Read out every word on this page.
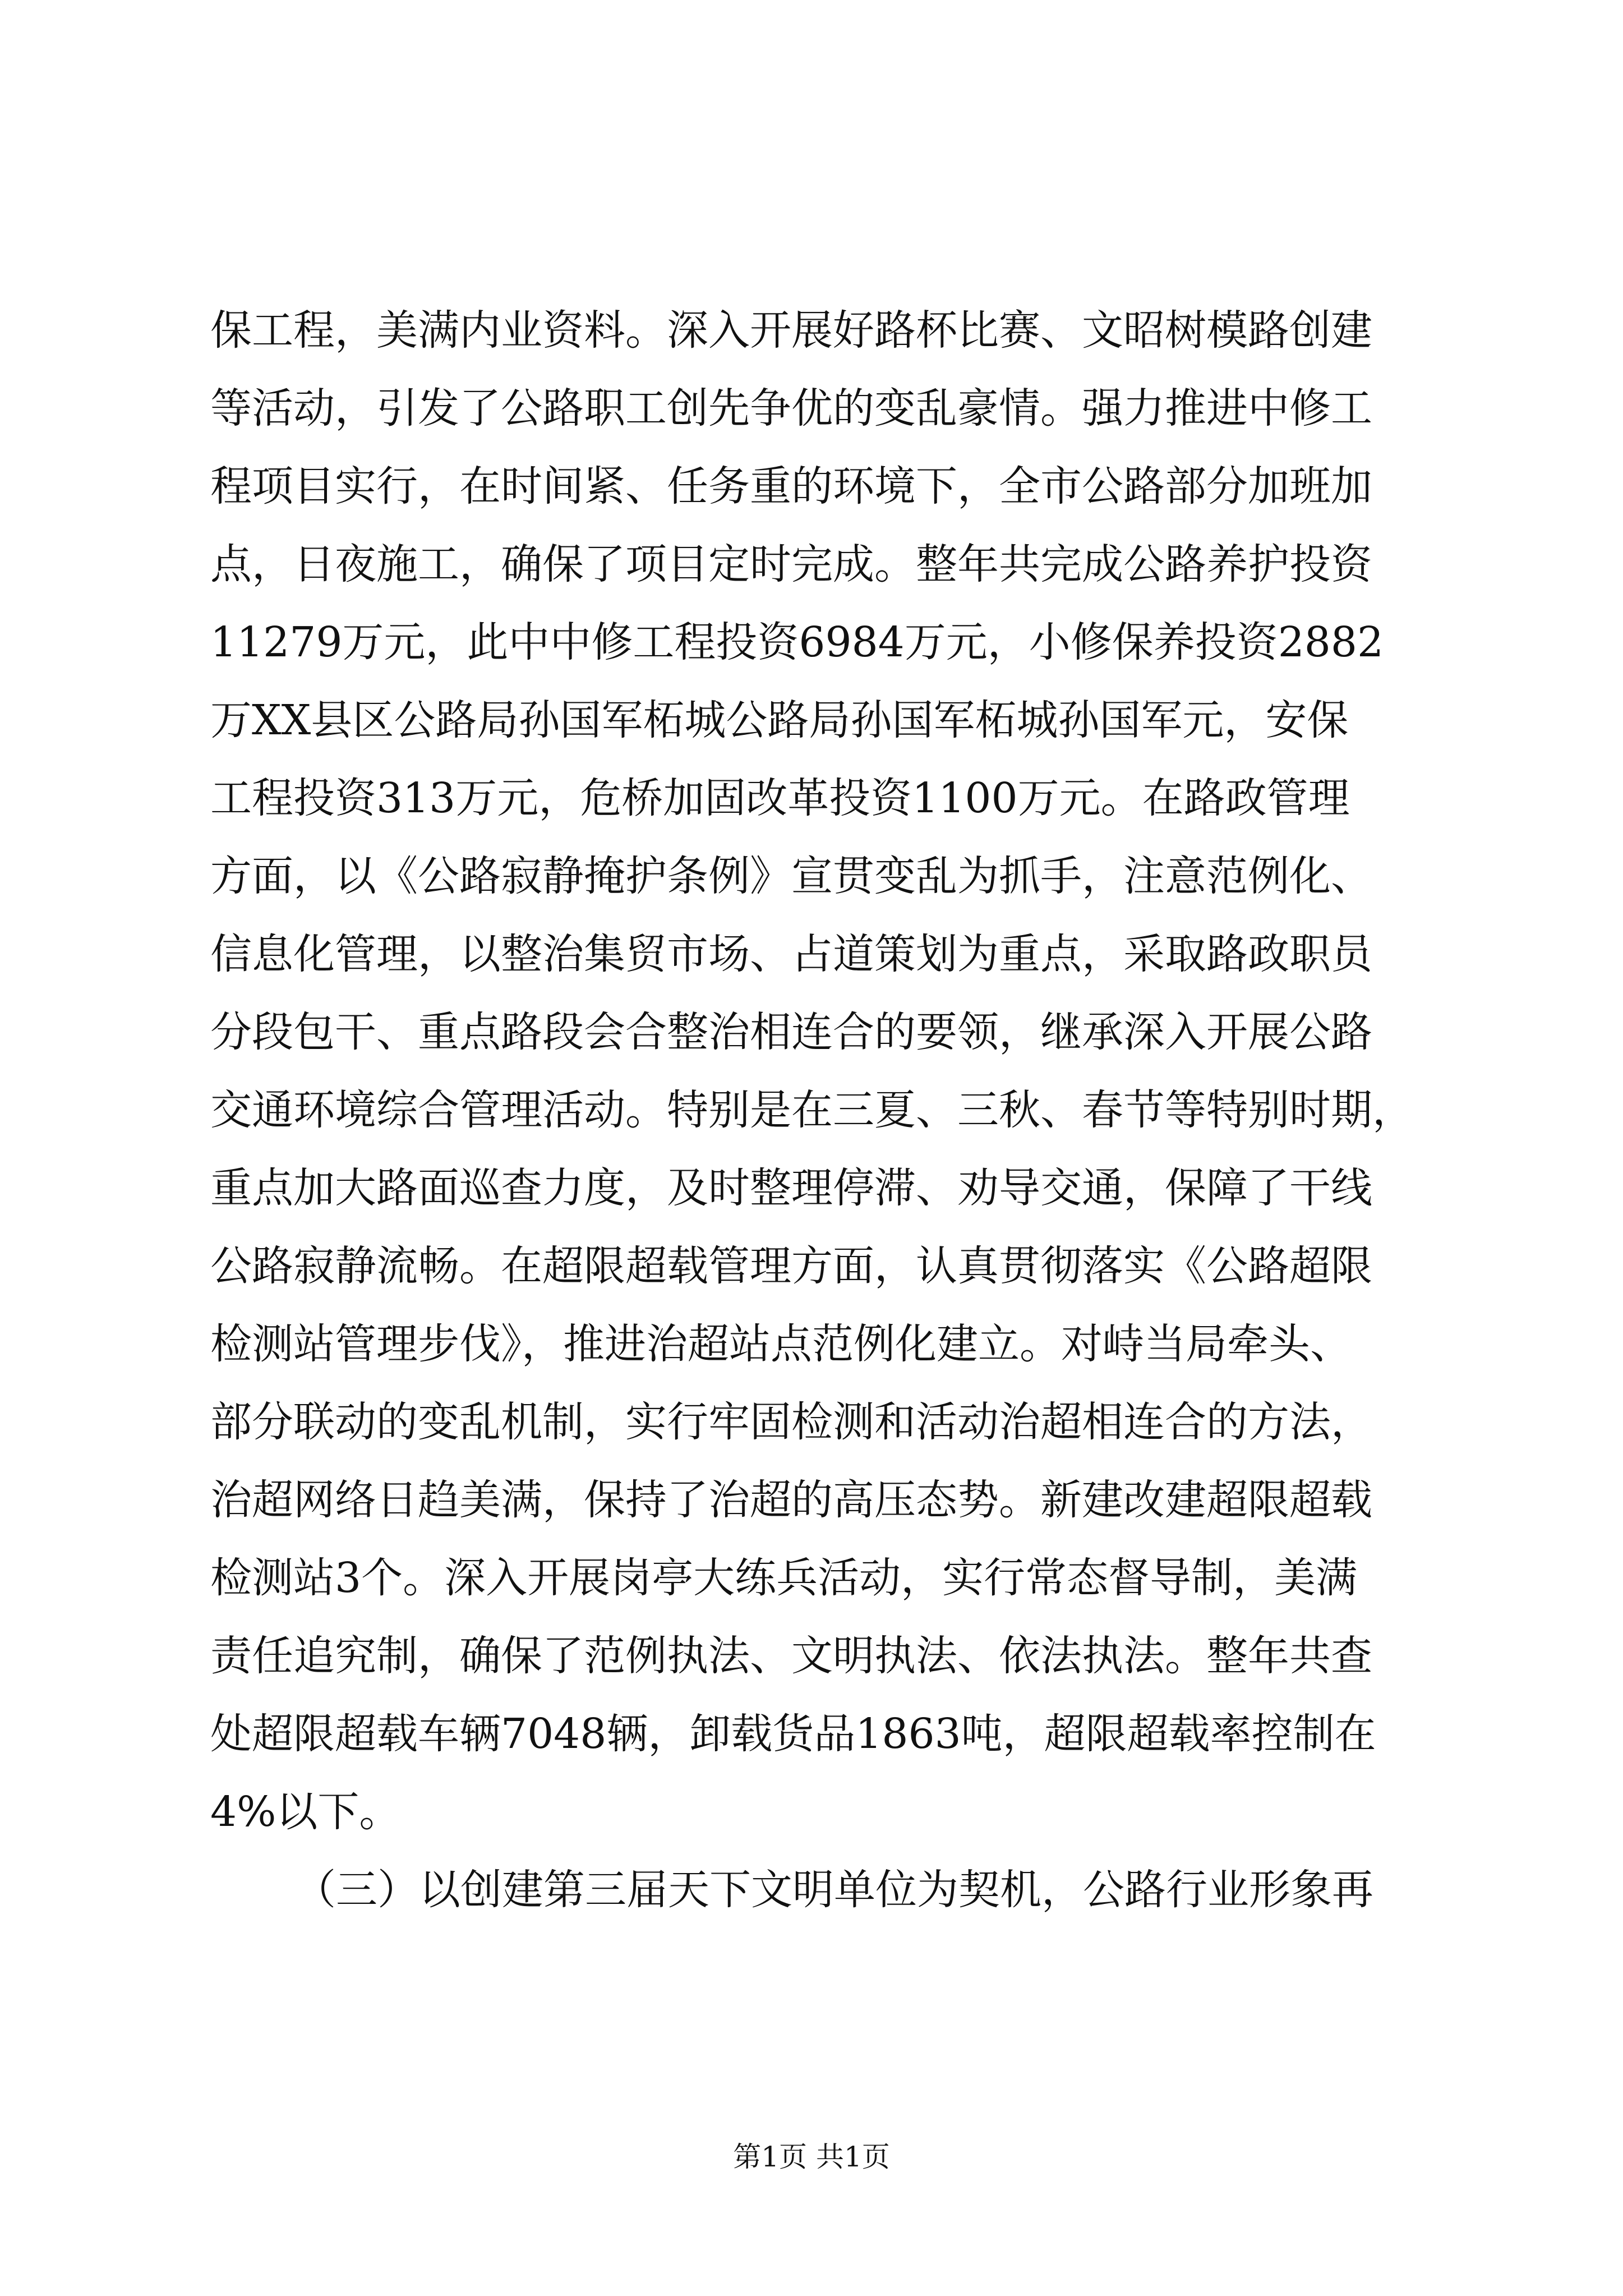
保工程，美满内业资料。深入开展好路杯比赛、文昭树模路创建

等活动，引发了公路职工创先争优的变乱豪情。强力推进中修工

程项目实行，在时间紧、任务重的环境下，全市公路部分加班加

点，日夜施工，确保了项目定时完成。整年共完成公路养护投资

11279万元，此中中修工程投资6984万元，小修保养投资2882

万XX县区公路局孙国军柘城公路局孙国军柘城孙国军元，安保

工程投资313万元，危桥加固改革投资1100万元。在路政管理

方面，以《公路寂静掩护条例》宣贯变乱为抓手，注意范例化、

信息化管理，以整治集贸市场、占道策划为重点，采取路政职员

分段包干、重点路段会合整治相连合的要领，继承深入开展公路

交通环境综合管理活动。特别是在三夏、三秋、春节等特别时期，

重点加大路面巡查力度，及时整理停滞、劝导交通，保障了干线

公路寂静流畅。在超限超载管理方面，认真贯彻落实《公路超限

检测站管理步伐》，推进治超站点范例化建立。对峙当局牵头、

部分联动的变乱机制，实行牢固检测和活动治超相连合的方法，

治超网络日趋美满，保持了治超的高压态势。新建改建超限超载

检测站3个。深入开展岗亭大练兵活动，实行常态督导制，美满

责任追究制，确保了范例执法、文明执法、依法执法。整年共查

处超限超载车辆7048辆，卸载货品1863吨，超限超载率控制在

4%以下。

（三）以创建第三届天下文明单位为契机，公路行业形象再

第1页 共1页
